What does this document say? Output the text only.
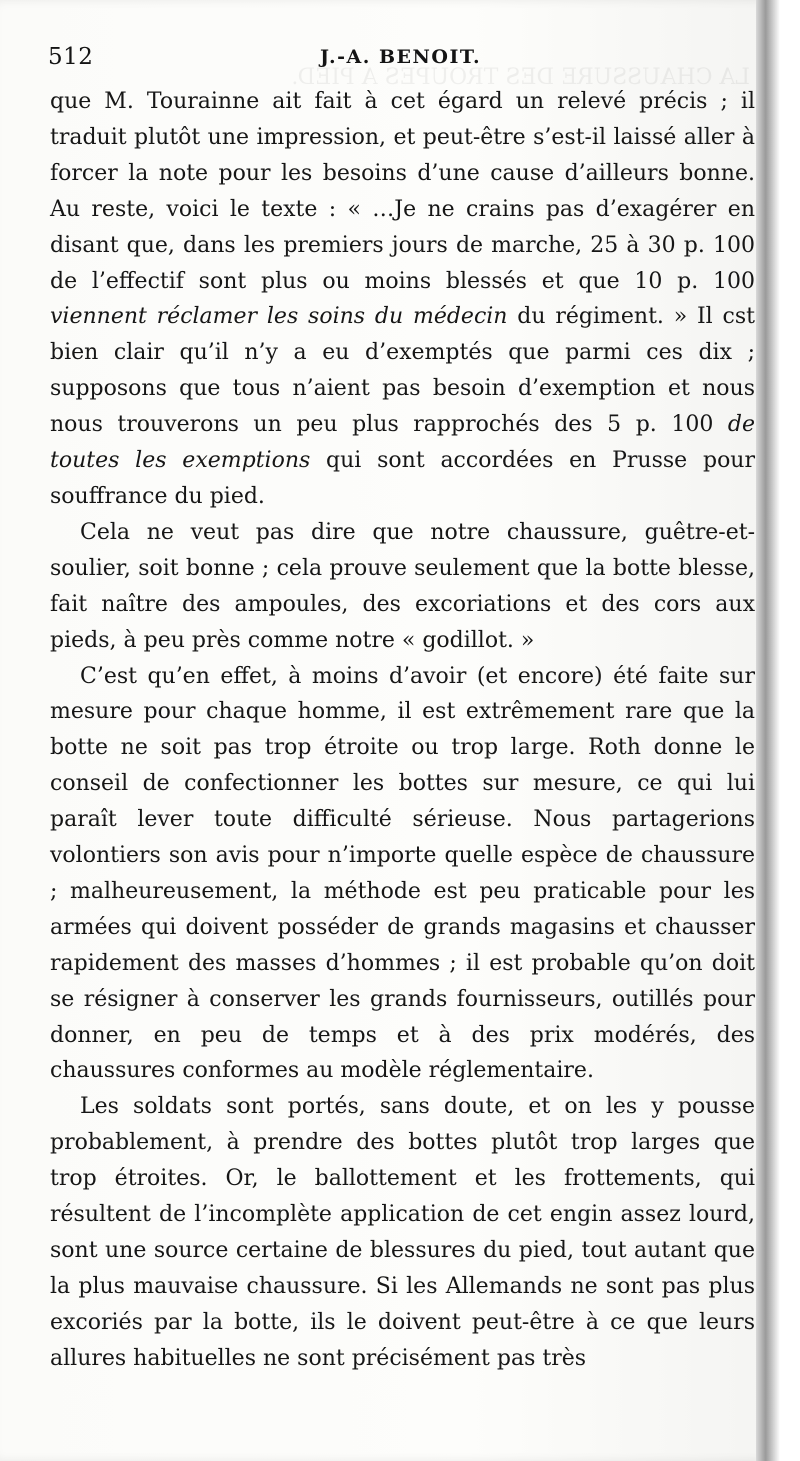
LA CHAUSSURE DES TROUPES A PIED.
512	J.-A. BENOIT.

que M. Tourainne ait fait à cet égard un relevé précis ; il traduit plutôt une impression, et peut-être s’est-il laissé aller à forcer la note pour les besoins d’une cause d’ailleurs bonne. Au reste, voici le texte : « …Je ne crains pas d’exagérer en disant que, dans les premiers jours de marche, 25 à 30 p. 100 de l’effectif sont plus ou moins blessés et que 10 p. 100 viennent réclamer les soins du médecin du régiment. » Il cst bien clair qu’il n’y a eu d’exemptés que parmi ces dix ; supposons que tous n’aient pas besoin d’exemption et nous nous trouverons un peu plus rapprochés des 5 p. 100 de toutes les exemptions qui sont accordées en Prusse pour souffrance du pied.

Cela ne veut pas dire que notre chaussure, guêtre-et-soulier, soit bonne ; cela prouve seulement que la botte blesse, fait naître des ampoules, des excoriations et des cors aux pieds, à peu près comme notre « godillot. »

C’est qu’en effet, à moins d’avoir (et encore) été faite sur mesure pour chaque homme, il est extrêmement rare que la botte ne soit pas trop étroite ou trop large. Roth donne le conseil de confectionner les bottes sur mesure, ce qui lui paraît lever toute difficulté sérieuse. Nous partagerions volontiers son avis pour n’importe quelle espèce de chaussure ; malheureusement, la méthode est peu praticable pour les armées qui doivent posséder de grands magasins et chausser rapidement des masses d’hommes ; il est probable qu’on doit se résigner à conserver les grands fournisseurs, outillés pour donner, en peu de temps et à des prix modérés, des chaussures conformes au modèle réglementaire.

Les soldats sont portés, sans doute, et on les y pousse probablement, à prendre des bottes plutôt trop larges que trop étroites. Or, le ballottement et les frottements, qui résultent de l’incomplète application de cet engin assez lourd, sont une source certaine de blessures du pied, tout autant que la plus mauvaise chaussure. Si les Allemands ne sont pas plus excoriés par la botte, ils le doivent peut-être à ce que leurs allures habituelles ne sont précisément pas très
